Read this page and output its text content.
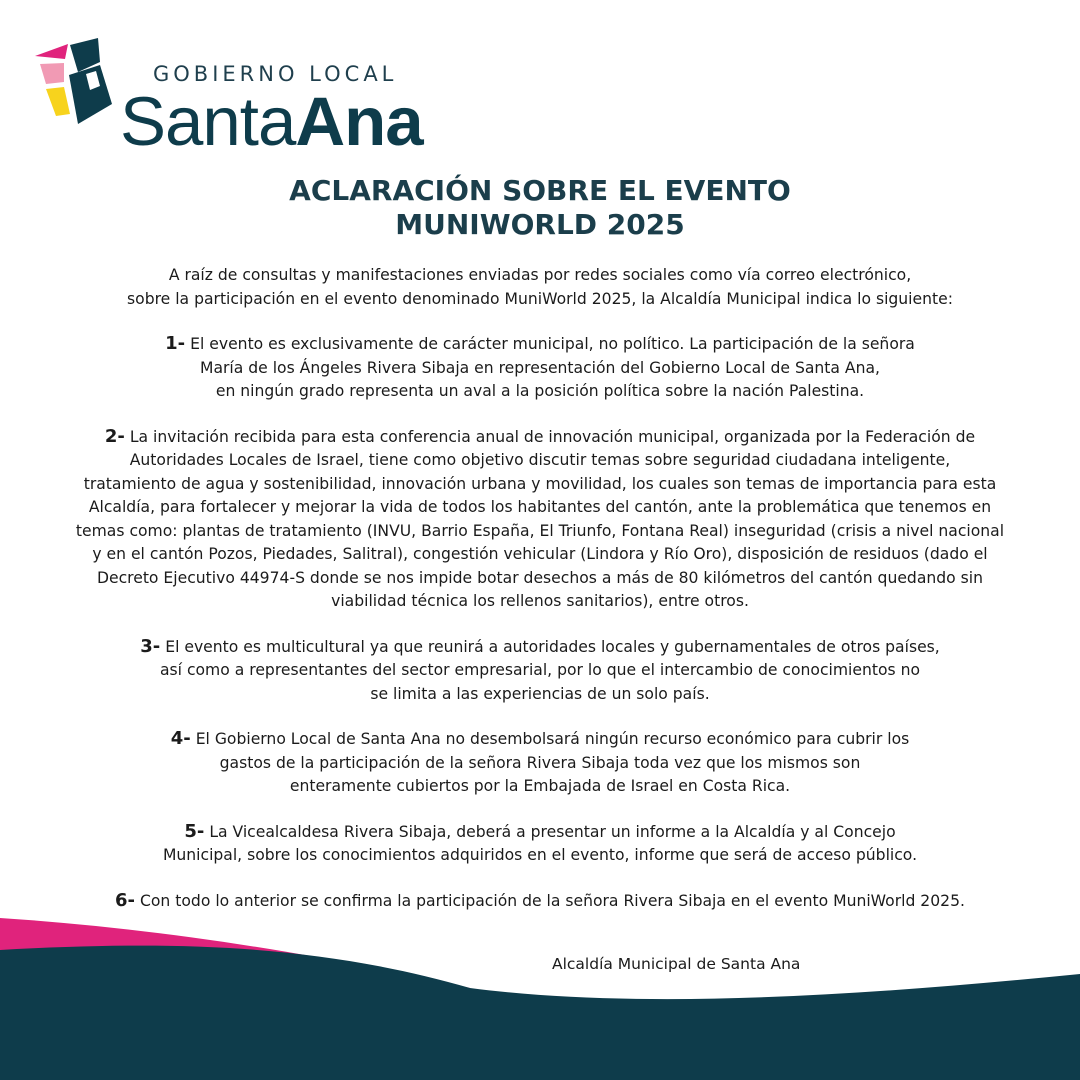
GOBIERNO LOCAL
SantaAna
ACLARACIÓN SOBRE EL EVENTO
MUNIWORLD 2025

A raíz de consultas y manifestaciones enviadas por redes sociales como vía correo electrónico,
sobre la participación en el evento denominado MuniWorld 2025, la Alcaldía Municipal indica lo siguiente:

1- El evento es exclusivamente de carácter municipal, no político. La participación de la señora
María de los Ángeles Rivera Sibaja en representación del Gobierno Local de Santa Ana,
en ningún grado representa un aval a la posición política sobre la nación Palestina.

2- La invitación recibida para esta conferencia anual de innovación municipal, organizada por la Federación de
Autoridades Locales de Israel, tiene como objetivo discutir temas sobre seguridad ciudadana inteligente,
tratamiento de agua y sostenibilidad, innovación urbana y movilidad, los cuales son temas de importancia para esta
Alcaldía, para fortalecer y mejorar la vida de todos los habitantes del cantón, ante la problemática que tenemos en
temas como: plantas de tratamiento (INVU, Barrio España, El Triunfo, Fontana Real) inseguridad (crisis a nivel nacional
y en el cantón Pozos, Piedades, Salitral), congestión vehicular (Lindora y Río Oro), disposición de residuos (dado el
Decreto Ejecutivo 44974-S donde se nos impide botar desechos a más de 80 kilómetros del cantón quedando sin
viabilidad técnica los rellenos sanitarios), entre otros.

3- El evento es multicultural ya que reunirá a autoridades locales y gubernamentales de otros países,
así como a representantes del sector empresarial, por lo que el intercambio de conocimientos no
se limita a las experiencias de un solo país.

4- El Gobierno Local de Santa Ana no desembolsará ningún recurso económico para cubrir los
gastos de la participación de la señora Rivera Sibaja toda vez que los mismos son
enteramente cubiertos por la Embajada de Israel en Costa Rica.

5- La Vicealcaldesa Rivera Sibaja, deberá a presentar un informe a la Alcaldía y al Concejo
Municipal, sobre los conocimientos adquiridos en el evento, informe que será de acceso público.

6- Con todo lo anterior se confirma la participación de la señora Rivera Sibaja en el evento MuniWorld 2025.

Alcaldía Municipal de Santa Ana
